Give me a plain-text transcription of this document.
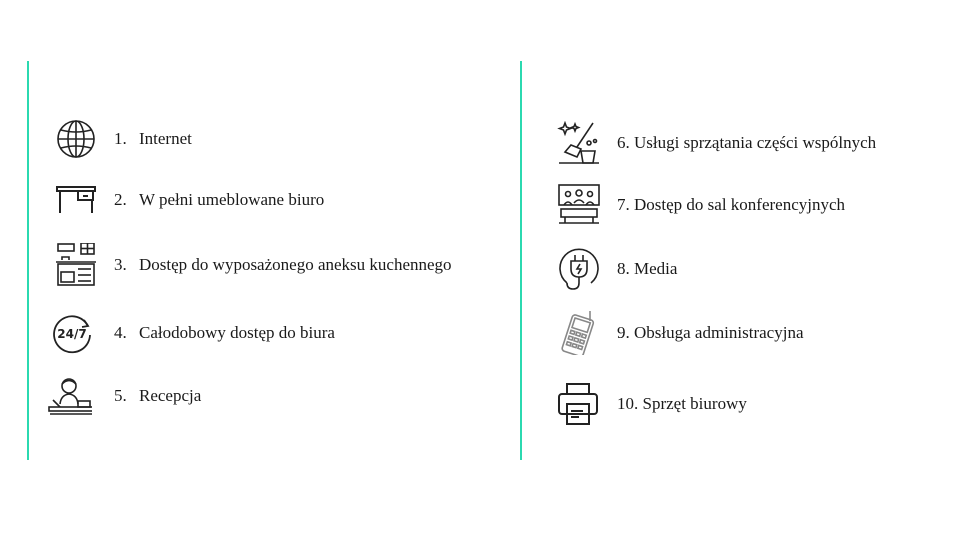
1. Internet
2. W pełni umeblowane biuro
3. Dostęp do wyposażonego aneksu kuchennego
24/7 4. Całodobowy dostęp do biura
5. Recepcja
6. Usługi sprzątania części wspólnych
7. Dostęp do sal konferencyjnych
8. Media
9. Obsługa administracyjna
10. Sprzęt biurowy
